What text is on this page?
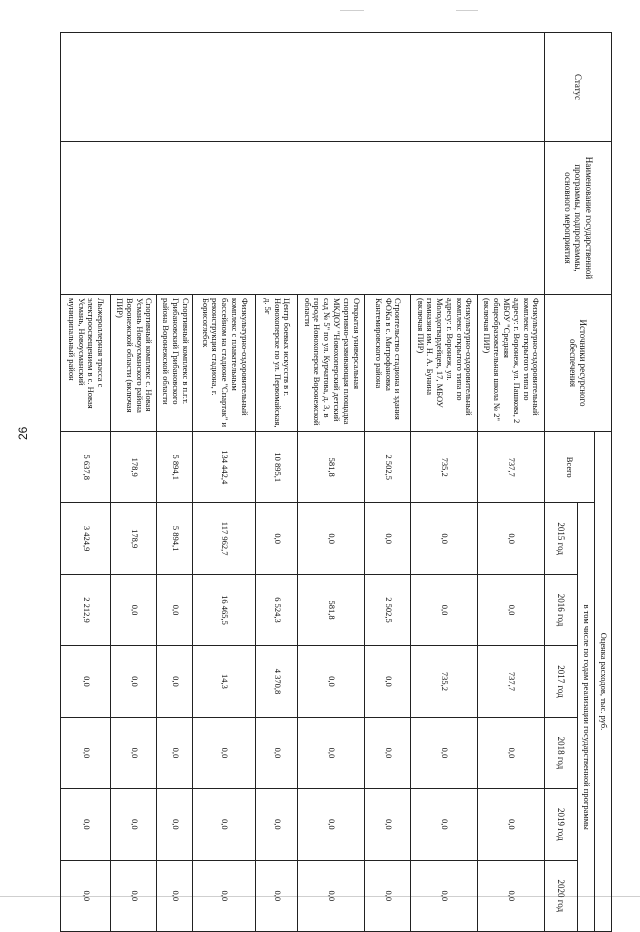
26
Статус	Наименование государственной программы, подпрограммы, основного мероприятия	Источники ресурсного обеспечения	Оценка расходов, тыс. руб.						
			Всего	в том числе по годам реализации государственной программы					
				2015 год	2016 год	2017 год	2018 год	2019 год	2020 год
		Физкультурно-оздоровительный комплекс открытого типа по адресу: г. Воронеж, ул. Пашкова, 2 МБОУ "Средняя общеобразовательная школа № 2" (включая ПИР)	737,7	0,0	0,0	737,7	0,0	0,0	0,0
		Физкультурно-оздоровительный комплекс открытого типа по адресу: г. Воронеж, ул. Молодогвардейцев, 17, МБОУ гимназия им. Н. А. Бунина (включая ПИР)	735,2	0,0	0,0	735,2	0,0	0,0	0,0
		Строительство стадиона и здания ФОКа в с. Митрофановка Кантемировского района	2 502,5	0,0	2 502,5	0,0	0,0	0,0	0,0
		Открытая универсальная спортивно-развивающая площадка МКДОУ "Новохоперский детский сад № 5" по ул. Курчатова, д. 3, в городе Новохоперске Воронежской области	581,8	0,0	581,8	0,0	0,0	0,0	0,0
		Центр боевых искусств в г. Новохоперске по ул. Первомайская, д. 5г	10 895,1	0,0	6 524,3	4 370,8	0,0	0,0	0,0
		Физкультурно-оздоровительный комплекс с плавательным бассейном на стадионе "Спартак" и реконструкция стадиона, г. Борисоглебск	134 442,4	117 962,7	16 465,5	14,3	0,0	0,0	0,0
		Спортивный комплекс в п.г.т. Грибановский Грибановского района Воронежской области	5 894,1	5 894,1	0,0	0,0	0,0	0,0	0,0
		Спортивный комплекс с. Новая Усмань Новоусманского района Воронежской области (включая ПИР)	178,9	178,9	0,0	0,0	0,0	0,0	0,0
		Лыжероллерная трасса с электроосвещением в с. Новая Усмань, Новоусманский муниципальный район	5 637,8	3 424,9	2 212,9	0,0	0,0	0,0	0,0
